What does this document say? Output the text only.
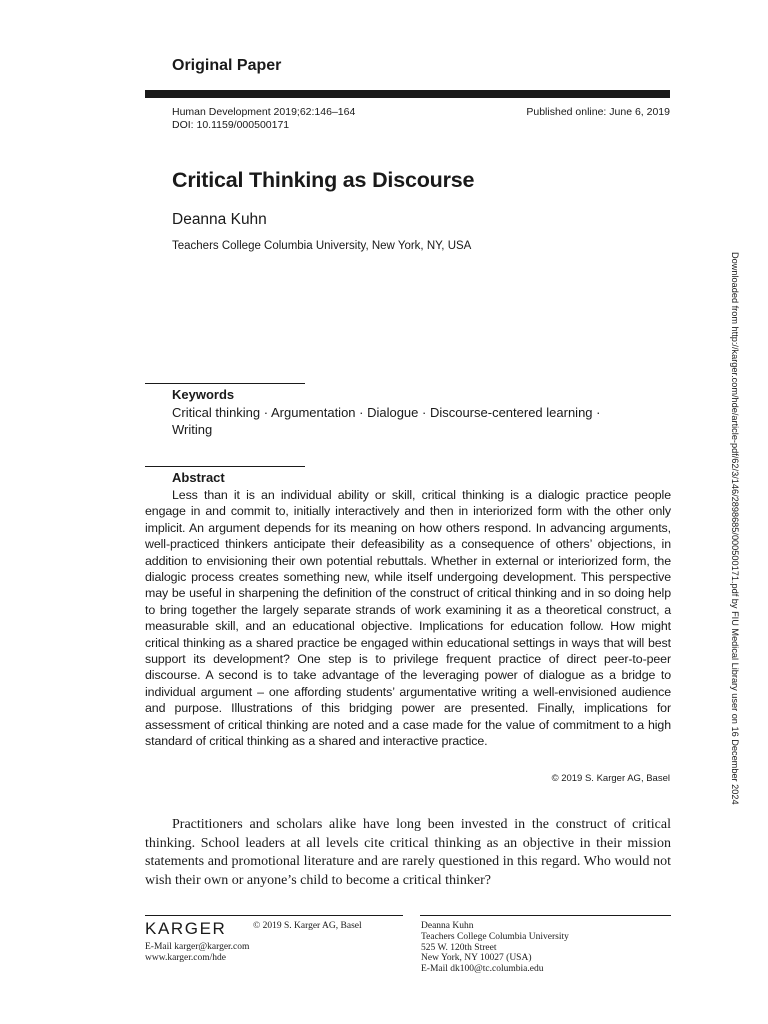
Original Paper
Human Development 2019;62:146–164
DOI: 10.1159/000500171
Published online: June 6, 2019
Critical Thinking as Discourse
Deanna Kuhn
Teachers College Columbia University, New York, NY, USA
Keywords
Critical thinking · Argumentation · Dialogue · Discourse-centered learning · Writing
Abstract
Less than it is an individual ability or skill, critical thinking is a dialogic practice people engage in and commit to, initially interactively and then in interiorized form with the other only implicit. An argument depends for its meaning on how others respond. In advancing arguments, well-practiced thinkers anticipate their defeasibility as a consequence of others’ objections, in addition to envisioning their own potential rebuttals. Whether in external or interiorized form, the dialogic process creates something new, while itself undergoing development. This perspective may be useful in sharpening the definition of the construct of critical thinking and in so doing help to bring together the largely separate strands of work examining it as a theoretical construct, a measurable skill, and an educational objective. Implications for education follow. How might critical thinking as a shared practice be engaged within educational settings in ways that will best support its development? One step is to privilege frequent practice of direct peer-to-peer discourse. A second is to take advantage of the leveraging power of dialogue as a bridge to individual argument – one affording students’ argumentative writing a well-envisioned audience and purpose. Illustrations of this bridging power are presented. Finally, implications for assessment of critical thinking are noted and a case made for the value of commitment to a high standard of critical thinking as a shared and interactive practice.
© 2019 S. Karger AG, Basel
Practitioners and scholars alike have long been invested in the construct of critical thinking. School leaders at all levels cite critical thinking as an objective in their mission statements and promotional literature and are rarely questioned in this regard. Who would not wish their own or anyone’s child to become a critical thinker?
KARGER	© 2019 S. Karger AG, Basel
E-Mail karger@karger.com
www.karger.com/hde
Deanna Kuhn
Teachers College Columbia University
525 W. 120th Street
New York, NY 10027 (USA)
E-Mail dk100@tc.columbia.edu
Downloaded from http://karger.com/hde/article-pdf/62/3/146/2898685/000500171.pdf by FIU Medical Library user on 16 December 2024
